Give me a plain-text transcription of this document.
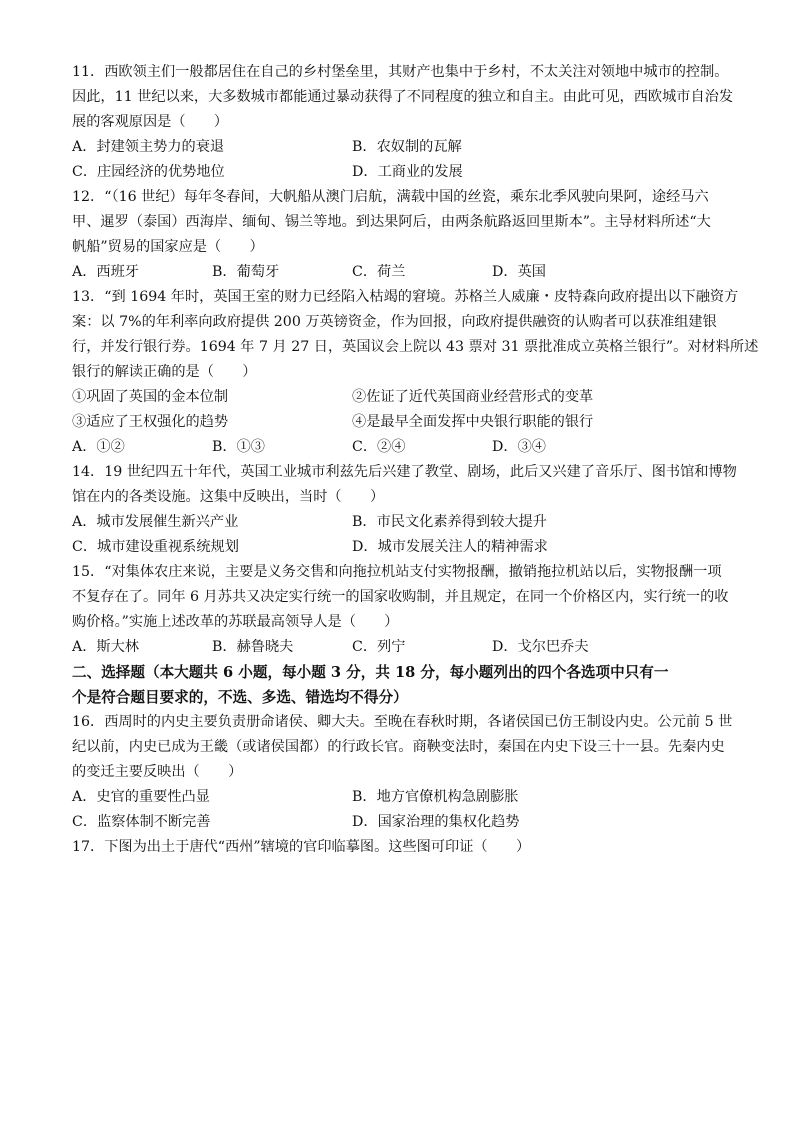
11．西欧领主们一般都居住在自己的乡村堡垒里，其财产也集中于乡村，不太关注对领地中城市的控制。

因此，11 世纪以来，大多数城市都能通过暴动获得了不同程度的独立和自主。由此可见，西欧城市自治发

展的客观原因是（　　）

A．封建领主势力的衰退	B．农奴制的瓦解
C．庄园经济的优势地位	D．工商业的发展

12．“（16 世纪）每年冬春间，大帆船从澳门启航，满载中国的丝瓷，乘东北季风驶向果阿，途经马六

甲、暹罗（泰国）西海岸、缅甸、锡兰等地。到达果阿后，由两条航路返回里斯本”。主导材料所述“大

帆船”贸易的国家应是（　　）

A．西班牙	B．葡萄牙	C．荷兰	D．英国

13．“到 1694 年时，英国王室的财力已经陷入枯竭的窘境。苏格兰人威廉・皮特森向政府提出以下融资方

案：以 7%的年利率向政府提供 200 万英镑资金，作为回报，向政府提供融资的认购者可以获准组建银

行，并发行银行券。1694 年 7 月 27 日，英国议会上院以 43 票对 31 票批准成立英格兰银行”。对材料所述

银行的解读正确的是（　　）

①巩固了英国的金本位制	②佐证了近代英国商业经营形式的变革
③适应了王权强化的趋势	④是最早全面发挥中央银行职能的银行
A．①②	B．①③	C．②④	D．③④

14．19 世纪四五十年代，英国工业城市利兹先后兴建了教堂、剧场，此后又兴建了音乐厅、图书馆和博物

馆在内的各类设施。这集中反映出，当时（　　）

A．城市发展催生新兴产业	B．市民文化素养得到较大提升
C．城市建设重视系统规划	D．城市发展关注人的精神需求

15．“对集体农庄来说，主要是义务交售和向拖拉机站支付实物报酬，撤销拖拉机站以后，实物报酬一项

不复存在了。同年 6 月苏共又决定实行统一的国家收购制，并且规定，在同一个价格区内，实行统一的收

购价格。”实施上述改革的苏联最高领导人是（　　）

A．斯大林	B．赫鲁晓夫	C．列宁	D．戈尔巴乔夫

二、选择题（本大题共 6 小题，每小题 3 分，共 18 分，每小题列出的四个各选项中只有一

个是符合题目要求的，不选、多选、错选均不得分）

16．西周时的内史主要负责册命诸侯、卿大夫。至晚在春秋时期，各诸侯国已仿王制设内史。公元前 5 世

纪以前，内史已成为王畿（或诸侯国都）的行政长官。商鞅变法时，秦国在内史下设三十一县。先秦内史

的变迁主要反映出（　　）

A．史官的重要性凸显	B．地方官僚机构急剧膨胀
C．监察体制不断完善	D．国家治理的集权化趋势

17．下图为出土于唐代“西州”辖境的官印临摹图。这些图可印证（　　）
